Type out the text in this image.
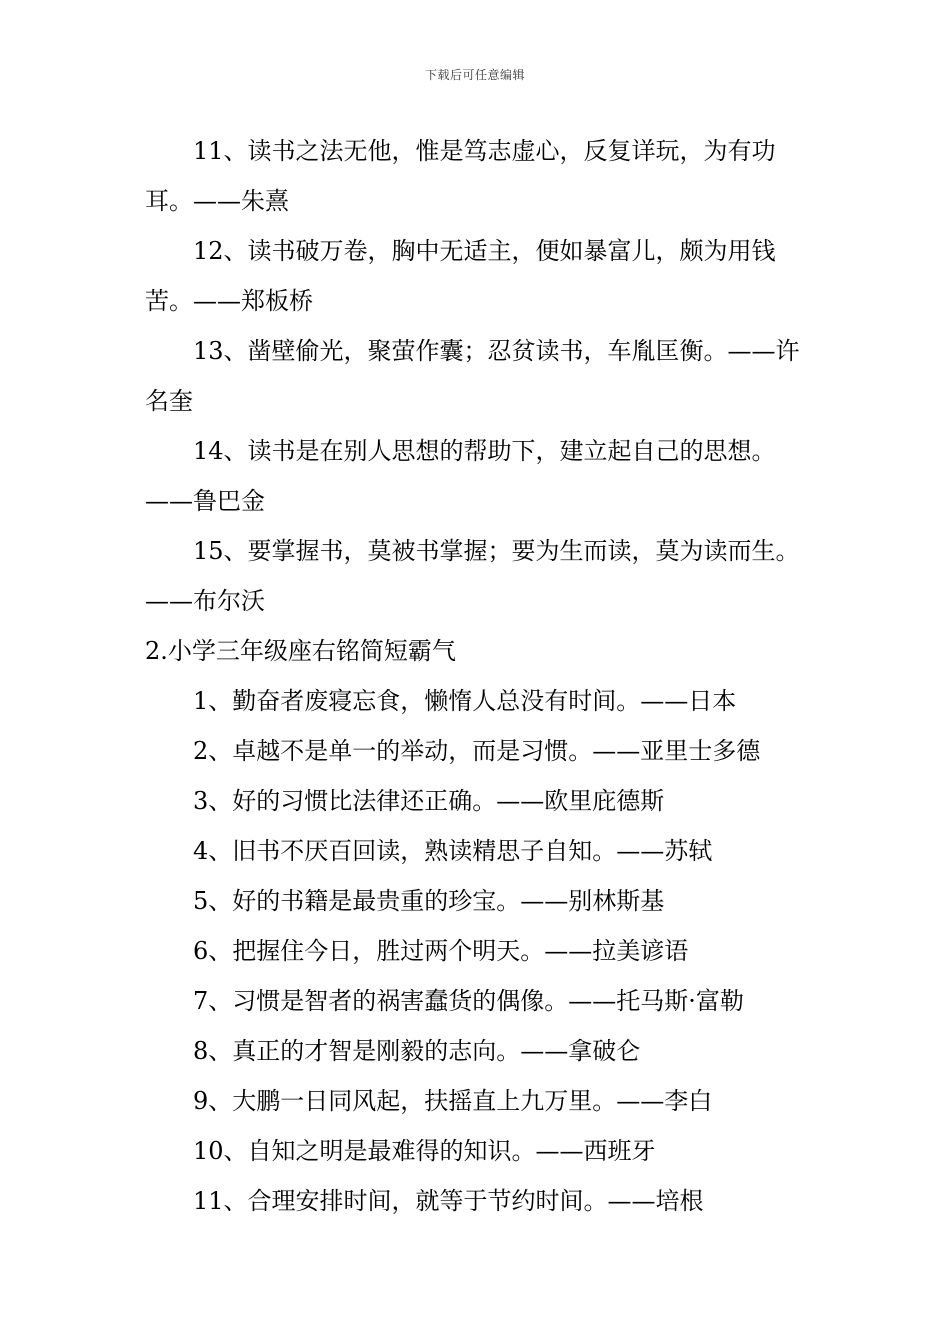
下载后可任意编辑

11、读书之法无他，惟是笃志虚心，反复详玩，为有功耳。——朱熹

12、读书破万卷，胸中无适主，便如暴富儿，颇为用钱苦。——郑板桥

13、凿壁偷光，聚萤作囊；忍贫读书，车胤匡衡。——许名奎

14、读书是在别人思想的帮助下，建立起自己的思想。——鲁巴金

15、要掌握书，莫被书掌握；要为生而读，莫为读而生。——布尔沃

2.小学三年级座右铭简短霸气

1、勤奋者废寝忘食，懒惰人总没有时间。——日本

2、卓越不是单一的举动，而是习惯。——亚里士多德

3、好的习惯比法律还正确。——欧里庇德斯

4、旧书不厌百回读，熟读精思子自知。——苏轼

5、好的书籍是最贵重的珍宝。——别林斯基

6、把握住今日，胜过两个明天。——拉美谚语

7、习惯是智者的祸害蠢货的偶像。——托马斯·富勒

8、真正的才智是刚毅的志向。——拿破仑

9、大鹏一日同风起，扶摇直上九万里。——李白

10、自知之明是最难得的知识。——西班牙

11、合理安排时间，就等于节约时间。——培根
